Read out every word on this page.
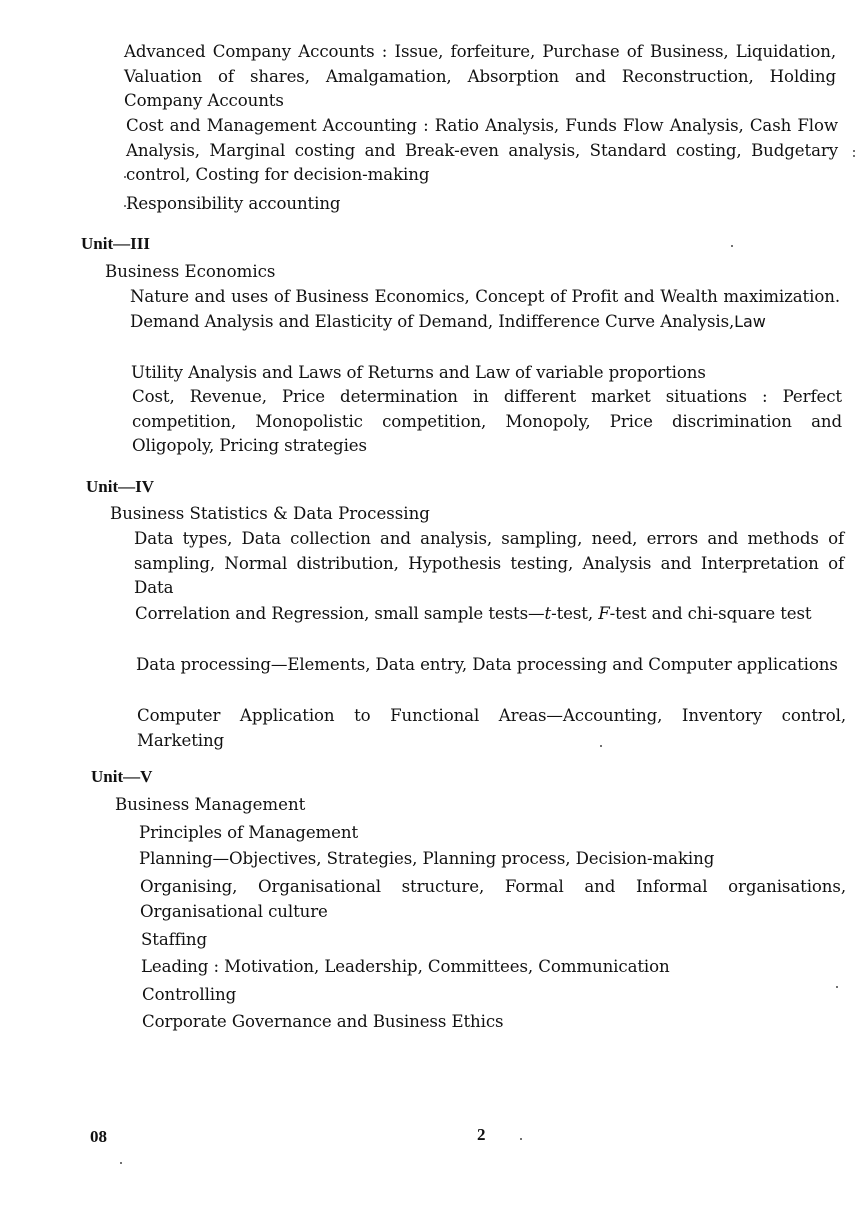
Advanced Company Accounts : Issue, forfeiture, Purchase of Business, Liquidation, Valuation of shares, Amalgamation, Absorption and Reconstruction, Holding Company Accounts
Cost and Management Accounting : Ratio Analysis, Funds Flow Analysis, Cash Flow Analysis, Marginal costing and Break-even analysis, Standard costing, Budgetary control, Costing for decision-making
Responsibility accounting
Unit—III
Business Economics
Nature and uses of Business Economics, Concept of Profit and Wealth maximization. Demand Analysis and Elasticity of Demand, Indifference Curve Analysis,Law
Utility Analysis and Laws of Returns and Law of variable proportions
Cost, Revenue, Price determination in different market situations : Perfect competition, Monopolistic competition, Monopoly, Price discrimination and Oligopoly, Pricing strategies
Unit—IV
Business Statistics & Data Processing
Data types, Data collection and analysis, sampling, need, errors and methods of sampling, Normal distribution, Hypothesis testing, Analysis and Interpretation of Data
Correlation and Regression, small sample tests—t-test, F-test and chi-square test
Data processing—Elements, Data entry, Data processing and Computer applications
Computer Application to Functional Areas—Accounting, Inventory control, Marketing
Unit—V
Business Management
Principles of Management
Planning—Objectives, Strategies, Planning process, Decision-making
Organising, Organisational structure, Formal and Informal organisations, Organisational culture
Staffing
Leading : Motivation, Leadership, Committees, Communication
Controlling
Corporate Governance and Business Ethics
08	2
